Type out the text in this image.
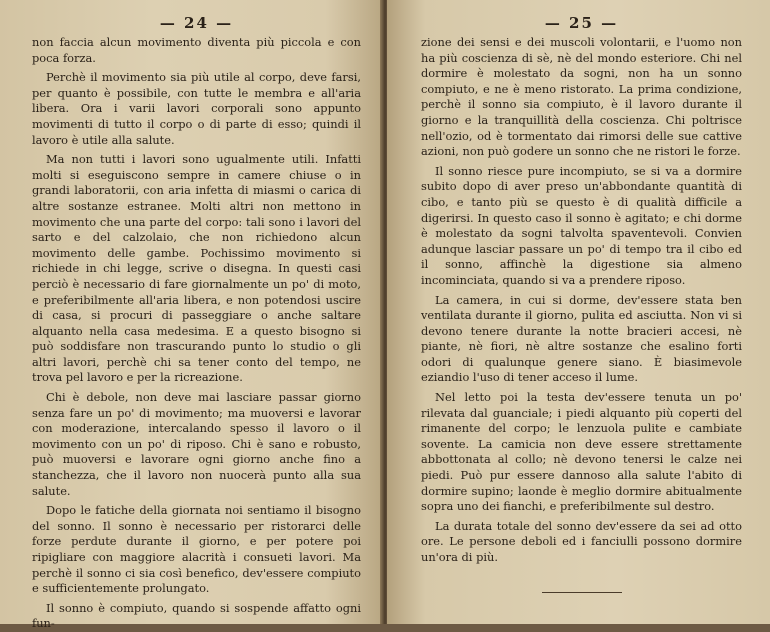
— 24 —

non faccia alcun movimento diventa più piccola e con poca forza.

Perchè il movimento sia più utile al corpo, deve farsi, per quanto è possibile, con tutte le membra e all'aria libera. Ora i varii lavori corporali sono appunto movimenti di tutto il corpo o di parte di esso; quindi il lavoro è utile alla salute.

Ma non tutti i lavori sono ugualmente utili. Infatti molti si eseguiscono sempre in camere chiuse o in grandi laboratorii, con aria infetta di miasmi o carica di altre sostanze estranee. Molti altri non mettono in movimento che una parte del corpo: tali sono i lavori del sarto e del calzolaio, che non richiedono alcun movimento delle gambe. Pochissimo movimento si richiede in chi legge, scrive o disegna. In questi casi perciò è necessario di fare giornalmente un po' di moto, e preferibilmente all'aria libera, e non potendosi uscire di casa, si procuri di passeggiare o anche saltare alquanto nella casa medesima. E a questo bisogno si può soddisfare non trascurando punto lo studio o gli altri lavori, perchè chi sa tener conto del tempo, ne trova pel lavoro e per la ricreazione.

Chi è debole, non deve mai lasciare passar giorno senza fare un po' di movimento; ma muoversi e lavorar con moderazione, intercalando spesso il lavoro o il movimento con un po' di riposo. Chi è sano e robusto, può muoversi e lavorare ogni giorno anche fino a stanchezza, che il lavoro non nuocerà punto alla sua salute.

Dopo le fatiche della giornata noi sentiamo il bisogno del sonno. Il sonno è necessario per ristorarci delle forze perdute durante il giorno, e per potere poi ripigliare con maggiore alacrità i consueti lavori. Ma perchè il sonno ci sia così benefico, dev'essere compiuto e sufficientemente prolungato.

Il sonno è compiuto, quando si sospende affatto ogni fun-

— 25 —

zione dei sensi e dei muscoli volontarii, e l'uomo non ha più coscienza di sè, nè del mondo esteriore. Chi nel dormire è molestato da sogni, non ha un sonno compiuto, e ne è meno ristorato. La prima condizione, perchè il sonno sia compiuto, è il lavoro durante il giorno e la tranquillità della coscienza. Chi poltrisce nell'ozio, od è tormentato dai rimorsi delle sue cattive azioni, non può godere un sonno che ne ristori le forze.

Il sonno riesce pure incompiuto, se si va a dormire subito dopo di aver preso un'abbondante quantità di cibo, e tanto più se questo è di qualità difficile a digerirsi. In questo caso il sonno è agitato; e chi dorme è molestato da sogni talvolta spaventevoli. Convien adunque lasciar passare un po' di tempo tra il cibo ed il sonno, affinchè la digestione sia almeno incominciata, quando si va a prendere riposo.

La camera, in cui si dorme, dev'essere stata ben ventilata durante il giorno, pulita ed asciutta. Non vi si devono tenere durante la notte bracieri accesi, nè piante, nè fiori, nè altre sostanze che esalino forti odori di qualunque genere siano. È biasimevole eziandio l'uso di tener acceso il lume.

Nel letto poi la testa dev'essere tenuta un po' rilevata dal guanciale; i piedi alquanto più coperti del rimanente del corpo; le lenzuola pulite e cambiate sovente. La camicia non deve essere strettamente abbottonata al collo; nè devono tenersi le calze nei piedi. Può pur essere dannoso alla salute l'abito di dormire supino; laonde è meglio dormire abitualmente sopra uno dei fianchi, e preferibilmente sul destro.

La durata totale del sonno dev'essere da sei ad otto ore. Le persone deboli ed i fanciulli possono dormire un'ora di più.
